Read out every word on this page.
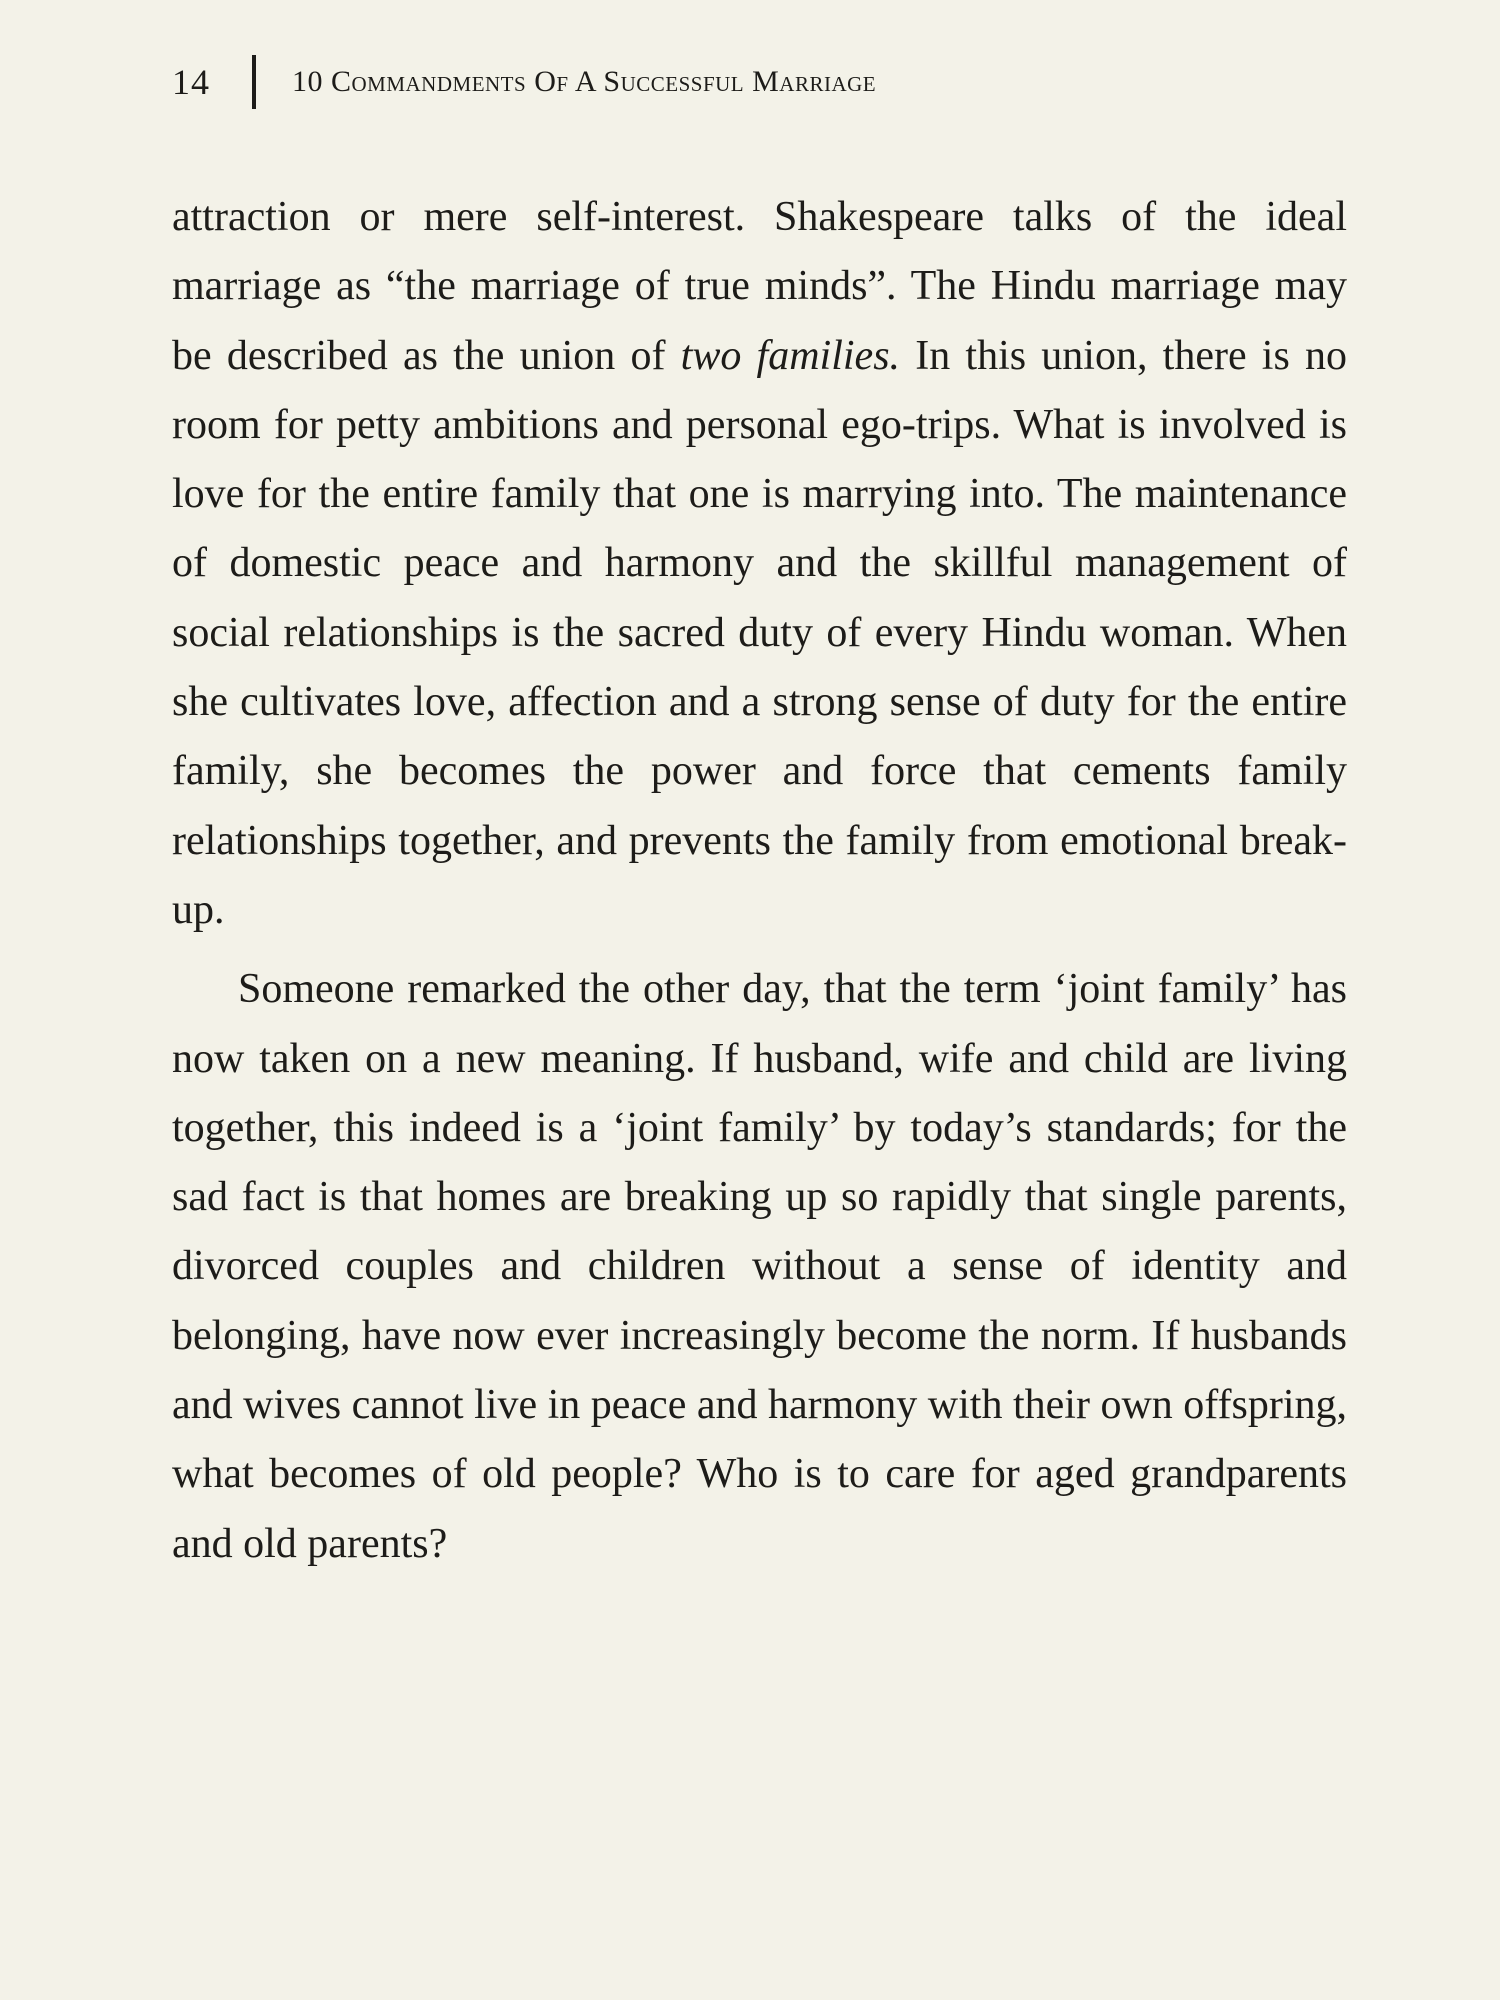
14	10 Commandments Of A Successful Marriage

attraction or mere self-interest. Shakespeare talks of the ideal marriage as “the marriage of true minds”. The Hindu marriage may be described as the union of two families. In this union, there is no room for petty ambitions and personal ego-trips. What is involved is love for the entire family that one is marrying into. The maintenance of domestic peace and harmony and the skillful management of social relationships is the sacred duty of every Hindu woman. When she cultivates love, affection and a strong sense of duty for the entire family, she becomes the power and force that cements family relationships together, and prevents the family from emotional break-up.

Someone remarked the other day, that the term ‘joint family’ has now taken on a new meaning. If husband, wife and child are living together, this indeed is a ‘joint family’ by today’s standards; for the sad fact is that homes are breaking up so rapidly that single parents, divorced couples and children without a sense of identity and belonging, have now ever increasingly become the norm. If husbands and wives cannot live in peace and harmony with their own offspring, what becomes of old people? Who is to care for aged grandparents and old parents?
